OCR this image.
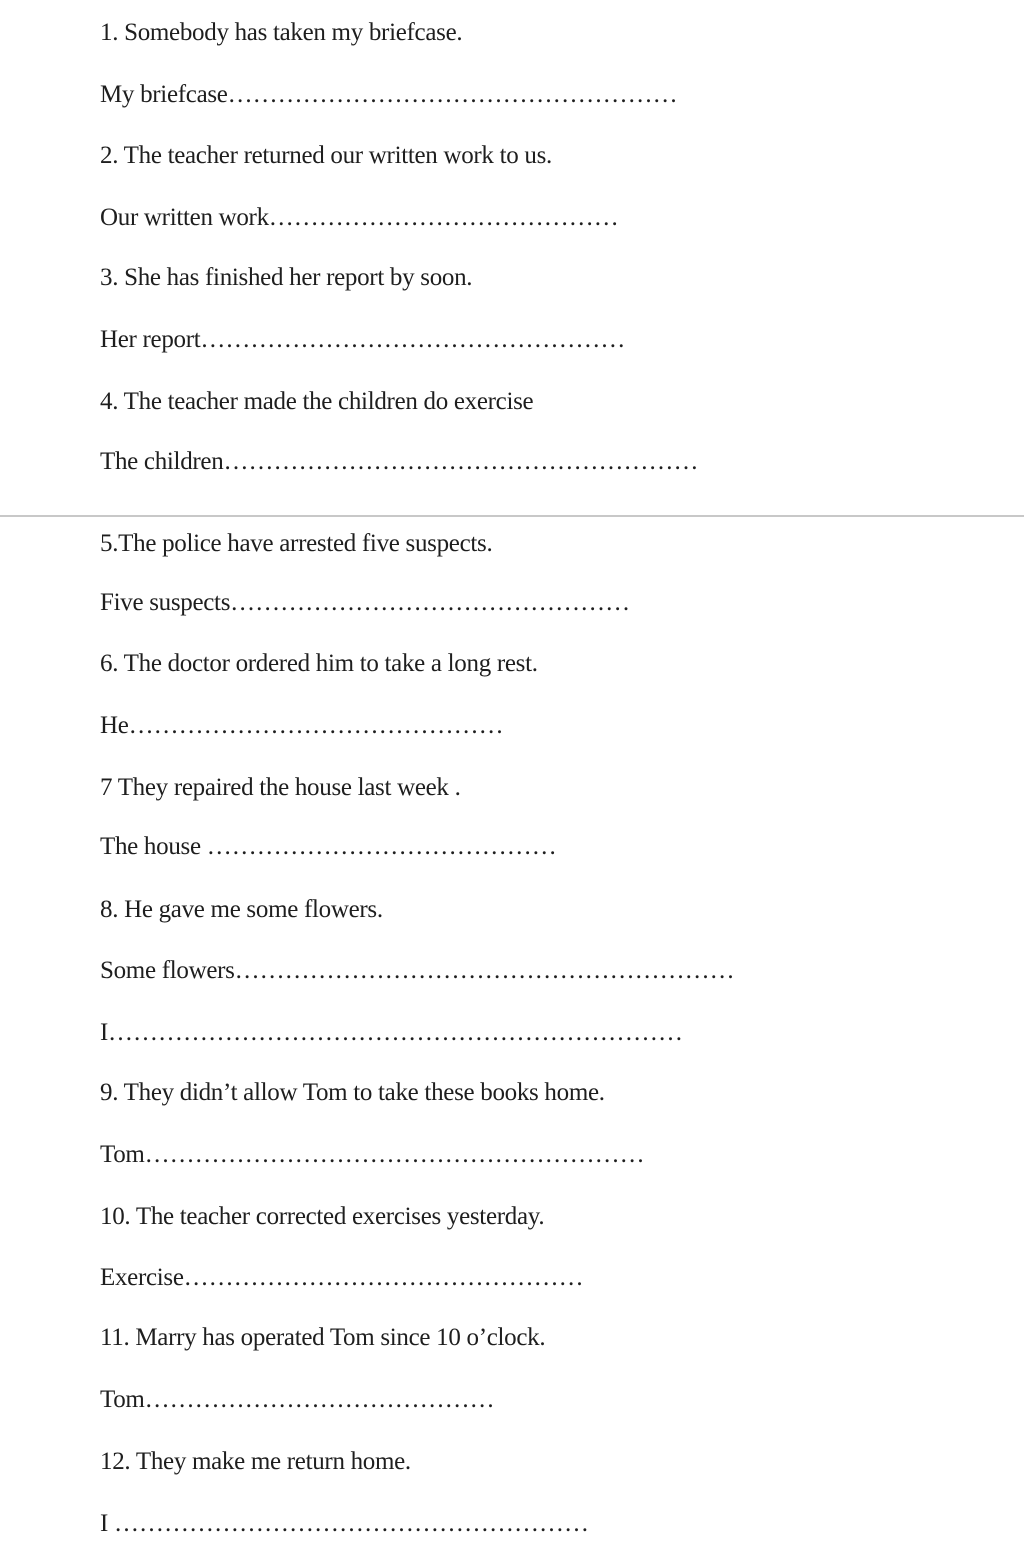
1. Somebody has taken my briefcase.
My briefcase………………………………………………
2. The teacher returned our written work to us.
Our written work……………………………………
3. She has finished her report by soon.
Her report……………………………………………
4. The teacher made the children do exercise
The children…………………………………………………
5.The police have arrested five suspects.
Five suspects…………………………………………
6. The doctor ordered him to take a long rest.
He………………………………………
7 They repaired the house last week .
The house ……………………………………
8. He gave me some flowers.
Some flowers……………………………………………………
I……………………………………………………………
9. They didn’t allow Tom to take these books home.
Tom……………………………………………………
10. The teacher corrected exercises yesterday.
Exercise…………………………………………
11. Marry has operated Tom since 10 o’clock.
Tom……………………………………
12. They make me return home.
I …………………………………………………
